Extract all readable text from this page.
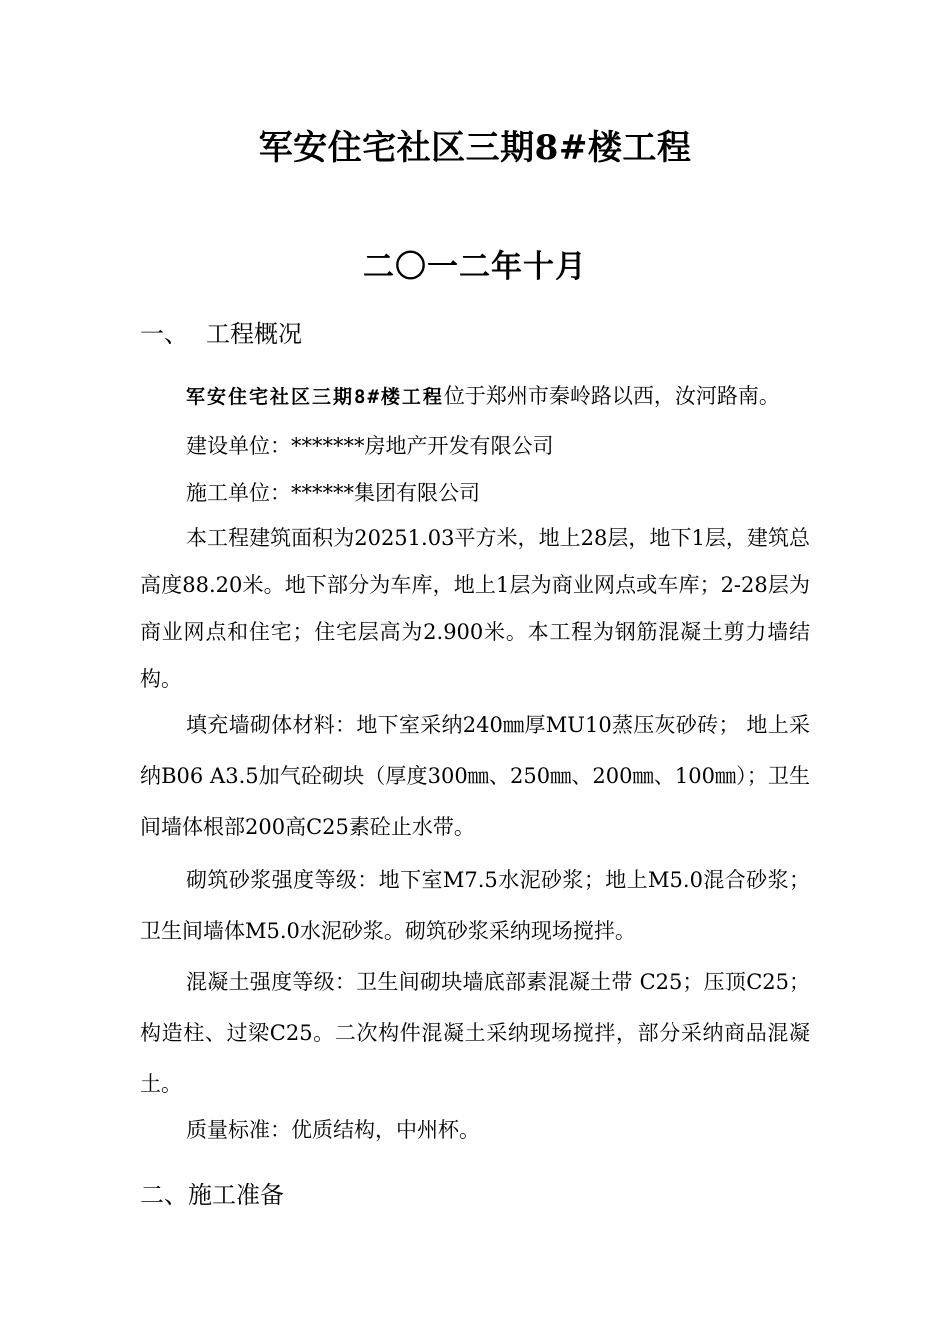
军安住宅社区三期8#楼工程
二〇一二年十月
一、 工程概况
军安住宅社区三期8#楼工程位于郑州市秦岭路以西，汝河路南。
建设单位：*******房地产开发有限公司
施工单位：******集团有限公司
本工程建筑面积为20251.03平方米，地上28层，地下1层，建筑总高度88.20米。地下部分为车库，地上1层为商业网点或车库；2-28层为商业网点和住宅；住宅层高为2.900米。本工程为钢筋混凝土剪力墙结构。
填充墙砌体材料：地下室采纳240㎜厚MU10蒸压灰砂砖； 地上采纳B06 A3.5加气砼砌块（厚度300㎜、250㎜、200㎜、100㎜）；卫生间墙体根部200高C25素砼止水带。
砌筑砂浆强度等级：地下室M7.5水泥砂浆；地上M5.0混合砂浆；卫生间墙体M5.0水泥砂浆。砌筑砂浆采纳现场搅拌。
混凝土强度等级：卫生间砌块墙底部素混凝土带 C25；压顶C25；构造柱、过梁C25。二次构件混凝土采纳现场搅拌，部分采纳商品混凝土。
质量标准：优质结构，中州杯。
二、施工准备
